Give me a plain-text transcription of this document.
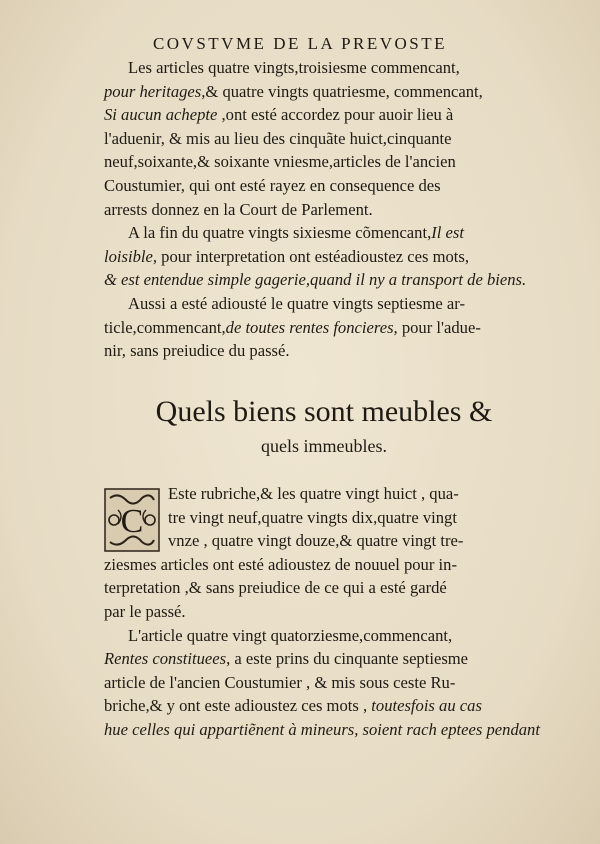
COVSTVME DE LA PREVOSTE
Les articles quatre vingts,troisiesme commencant,
pour heritages,& quatre vingts quatriesme, commencant,
Si aucun achepte ,ont esté accordez pour auoir lieu à
l'aduenir, & mis au lieu des cinquãte huict,cinquante
neuf,soixante,& soixante vniesme,articles de l'ancien
Coustumier, qui ont esté rayez en consequence des
arrests donnez en la Court de Parlement.
A la fin du quatre vingts sixiesme cõmencant,Il est
loisible, pour interpretation ont estéadioustez ces mots,
& est entendue simple gagerie,quand il ny a transport de biens.
Aussi a esté adiousté le quatre vingts septiesme ar-
ticle,commencant,de toutes rentes foncieres, pour l'aduе-
nir, sans preiudice du passé.
Quels biens sont meubles &
quels immeubles.
C
Este rubriche,& les quatre vingt huict , qua-
tre vingt neuf,quatre vingts dix,quatre vingt
vnze , quatre vingt douze,& quatre vingt tre-
ziesmes articles ont esté adioustez de nouuel pour in-
terpretation ,& sans preiudice de ce qui a esté gardé
par le passé.
L'article quatre vingt quatorziesme,commencant,
Rentes constituees, a este prins du cinquante septiesme
article de l'ancien Coustumier , & mis sous ceste Ru-
briche,& y ont este adioustez ces mots , toutesfois au cas
hue celles qui appartiẽnent à mineurs, soient rach eptees pendant
